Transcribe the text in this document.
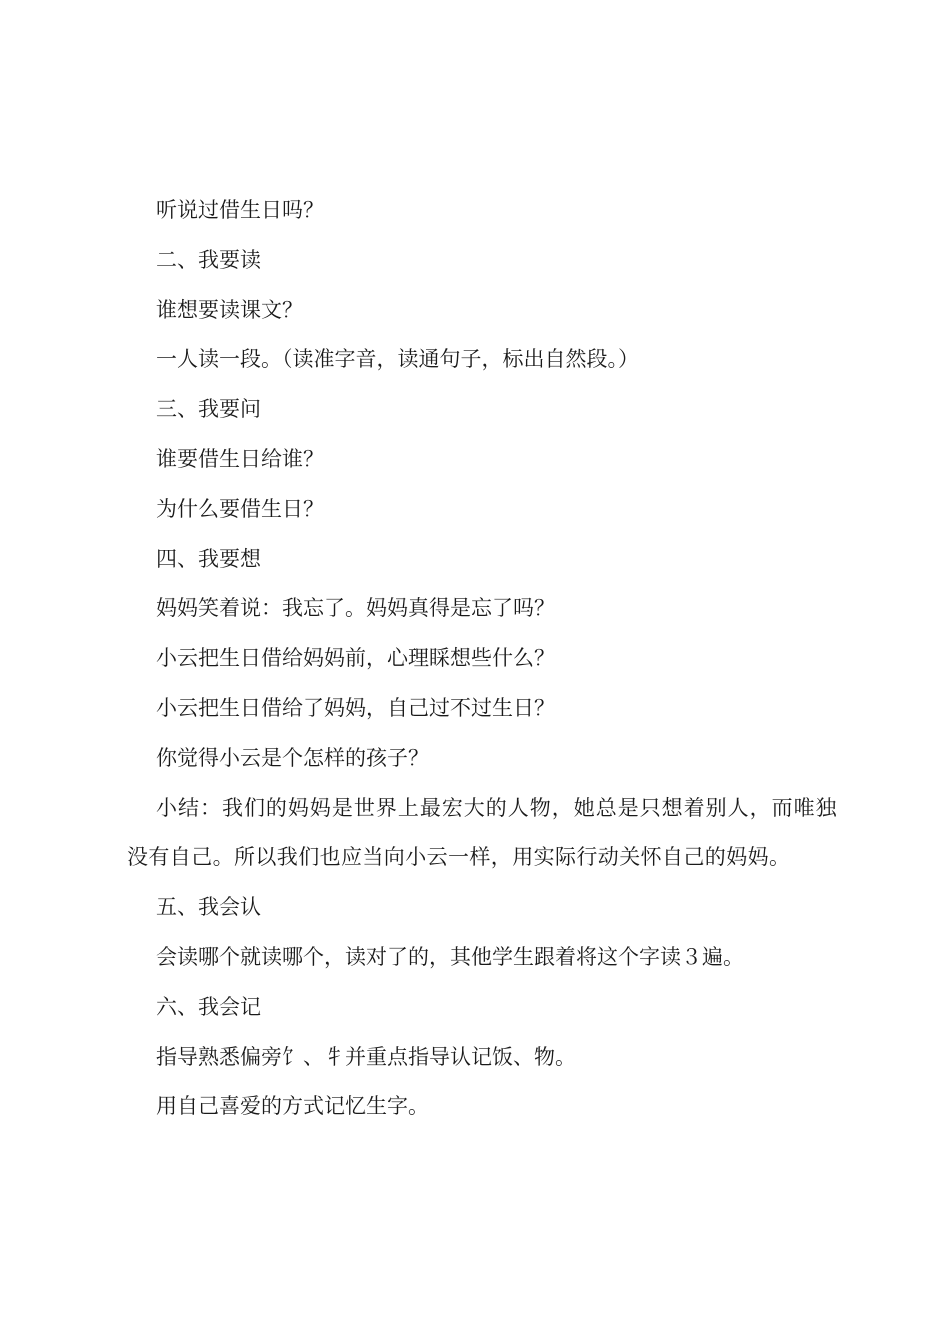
听说过借生日吗？

二、我要读

谁想要读课文？

一人读一段。（读准字音，读通句子，标出自然段。）

三、我要问

谁要借生日给谁？

为什么要借生日？

四、我要想

妈妈笑着说：我忘了。妈妈真得是忘了吗？

小云把生日借给妈妈前，心理睬想些什么？

小云把生日借给了妈妈，自己过不过生日？

你觉得小云是个怎样的孩子？

小结：我们的妈妈是世界上最宏大的人物，她总是只想着别人，而唯独没有自己。所以我们也应当向小云一样，用实际行动关怀自己的妈妈。

五、我会认

会读哪个就读哪个，读对了的，其他学生跟着将这个字读３遍。

六、我会记

指导熟悉偏旁饣、牜并重点指导认记饭、物。

用自己喜爱的方式记忆生字。
